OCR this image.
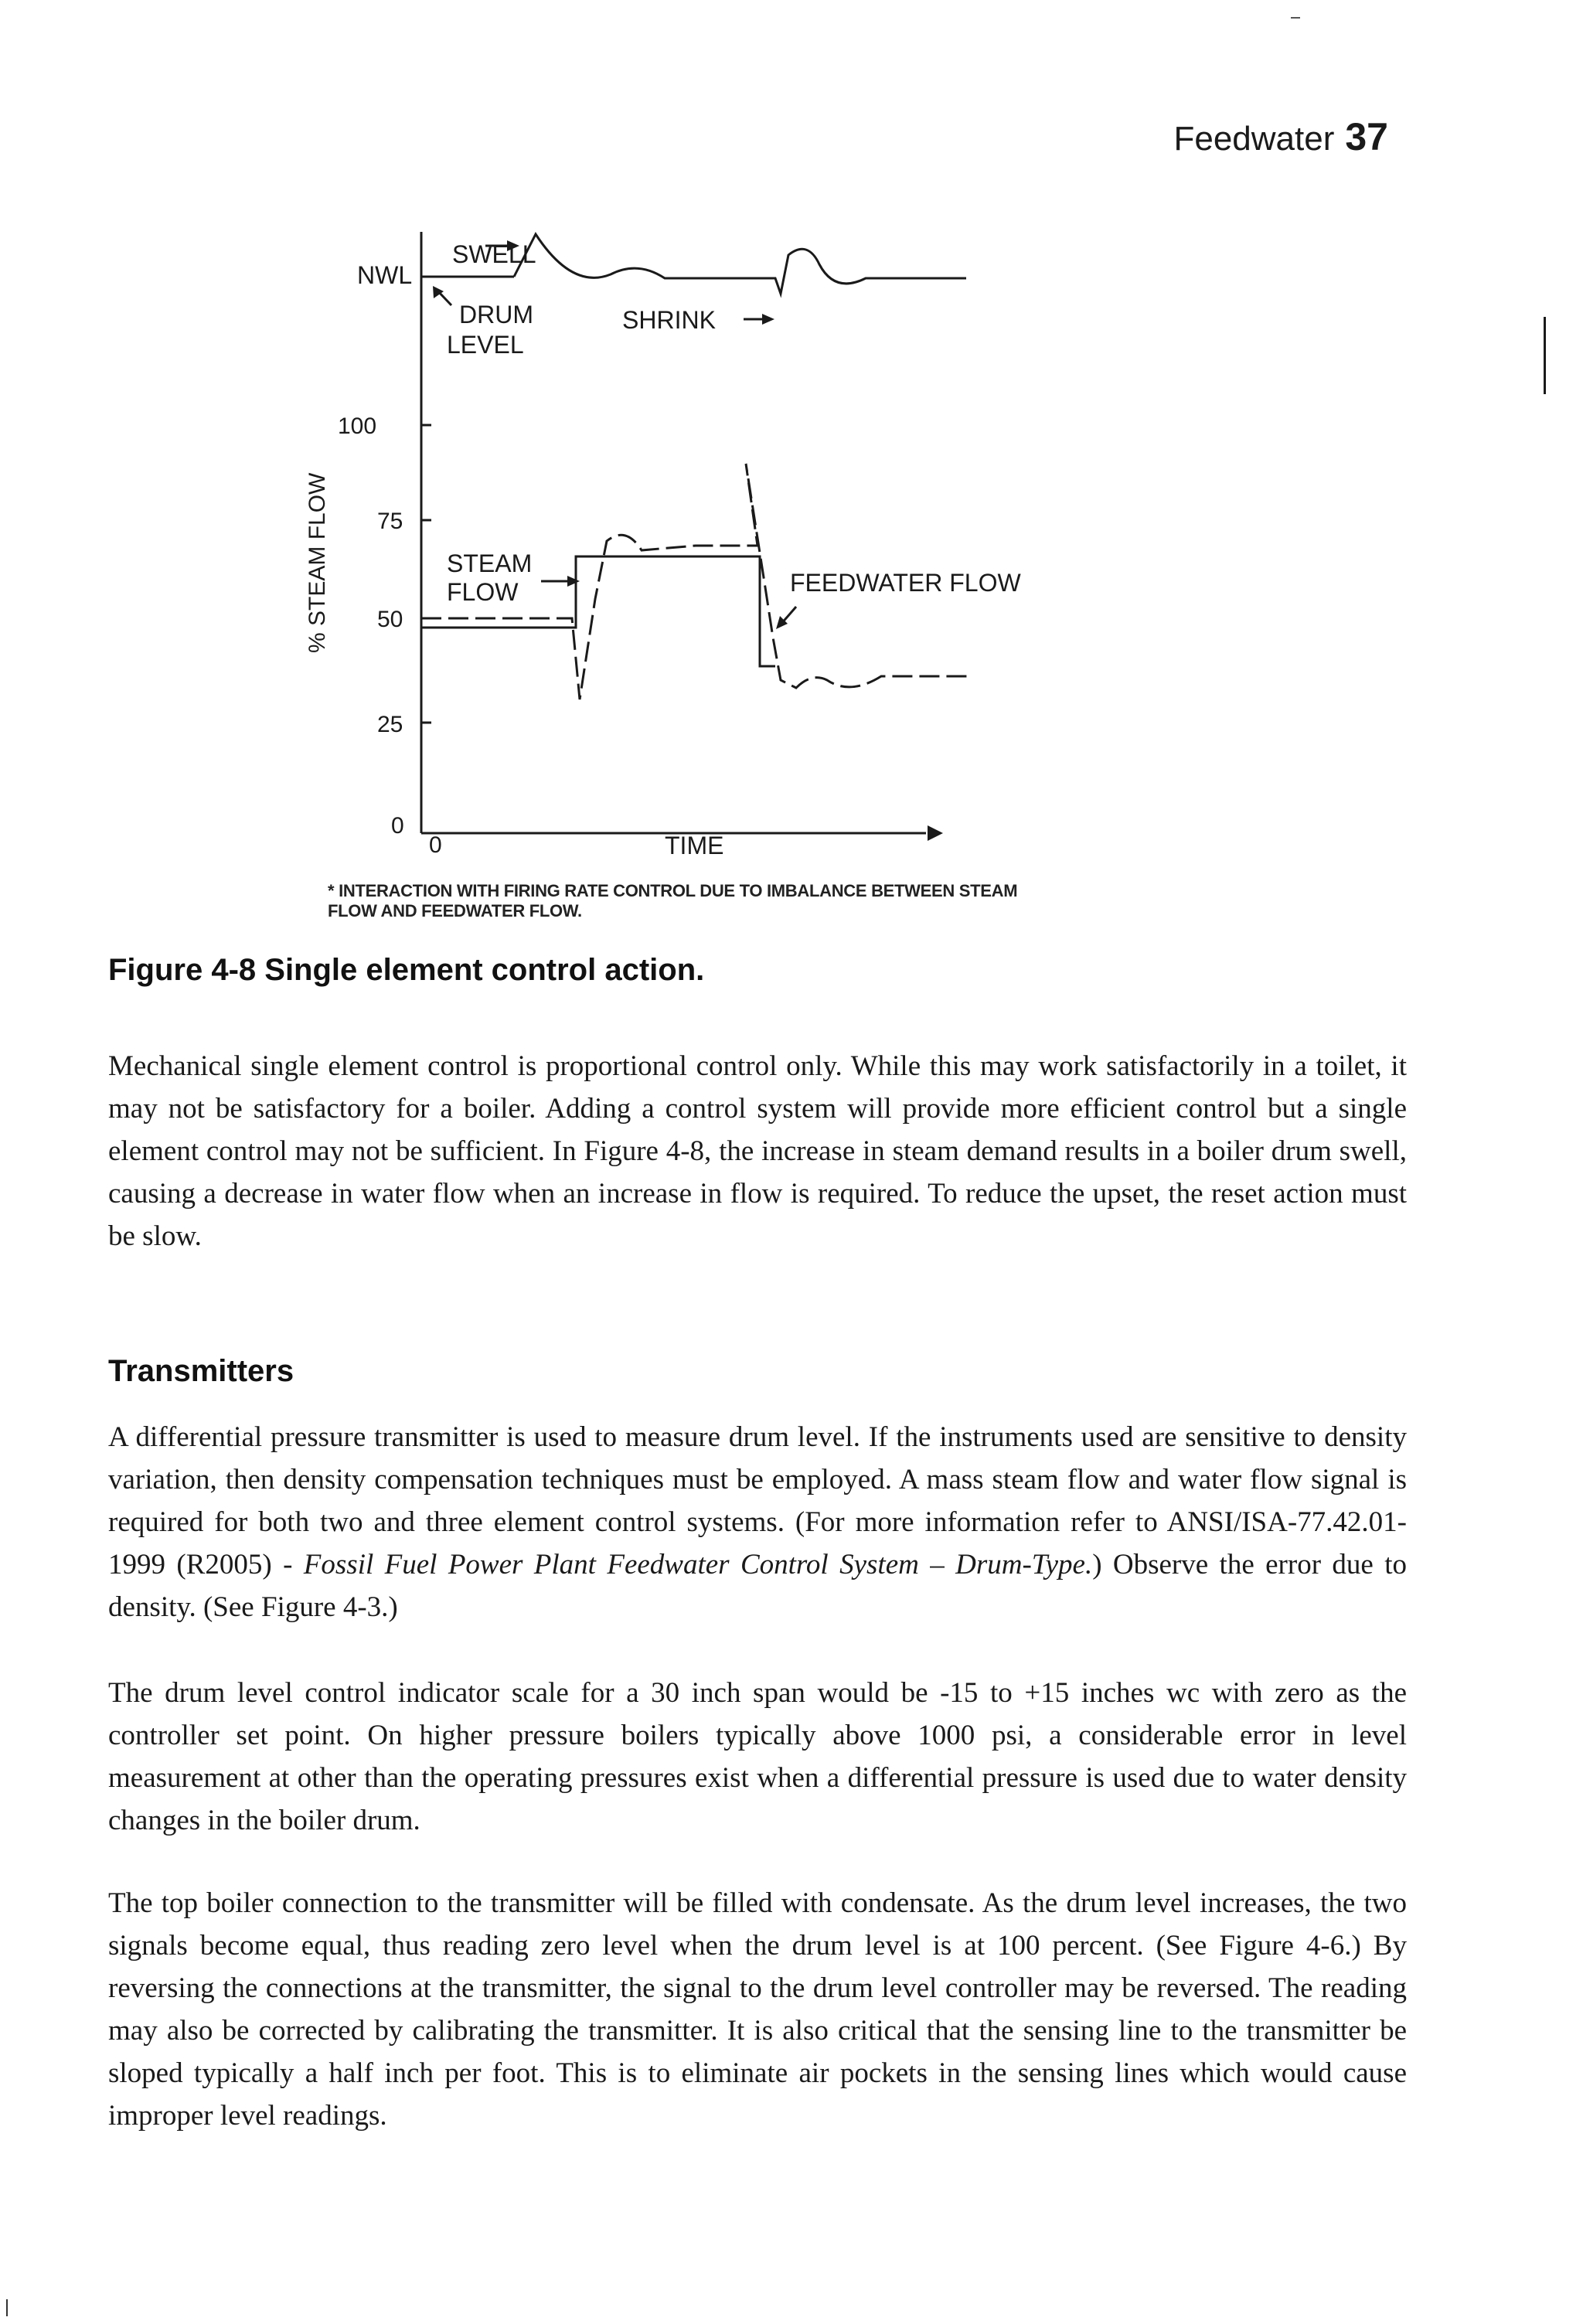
Feedwater 37
NWL
SWELL
DRUM
LEVEL
SHRINK
STEAM
FLOW	FEEDWATER FLOW
100
75
50
25
0
0	TIME
% STEAM FLOW
* INTERACTION WITH FIRING RATE CONTROL DUE TO IMBALANCE BETWEEN STEAM FLOW AND FEEDWATER FLOW.
Figure 4-8 Single element control action.

Mechanical single element control is proportional control only. While this may work satisfactorily in a toilet, it may not be satisfactory for a boiler. Adding a control system will provide more efficient control but a single element control may not be sufficient. In Figure 4-8, the increase in steam demand results in a boiler drum swell, causing a decrease in water flow when an increase in flow is required. To reduce the upset, the reset action must be slow.

Transmitters

A differential pressure transmitter is used to measure drum level. If the instruments used are sensitive to density variation, then density compensation techniques must be employed. A mass steam flow and water flow signal is required for both two and three element control systems. (For more information refer to ANSI/ISA-77.42.01-1999 (R2005) - Fossil Fuel Power Plant Feedwater Control System – Drum-Type.) Observe the error due to density. (See Figure 4-3.)

The drum level control indicator scale for a 30 inch span would be -15 to +15 inches wc with zero as the controller set point. On higher pressure boilers typically above 1000 psi, a considerable error in level measurement at other than the operating pressures exist when a differential pressure is used due to water density changes in the boiler drum.

The top boiler connection to the transmitter will be filled with condensate. As the drum level increases, the two signals become equal, thus reading zero level when the drum level is at 100 percent. (See Figure 4-6.) By reversing the connections at the transmitter, the signal to the drum level controller may be reversed. The reading may also be corrected by calibrating the transmitter. It is also critical that the sensing line to the transmitter be sloped typically a half inch per foot. This is to eliminate air pockets in the sensing lines which would cause improper level readings.
